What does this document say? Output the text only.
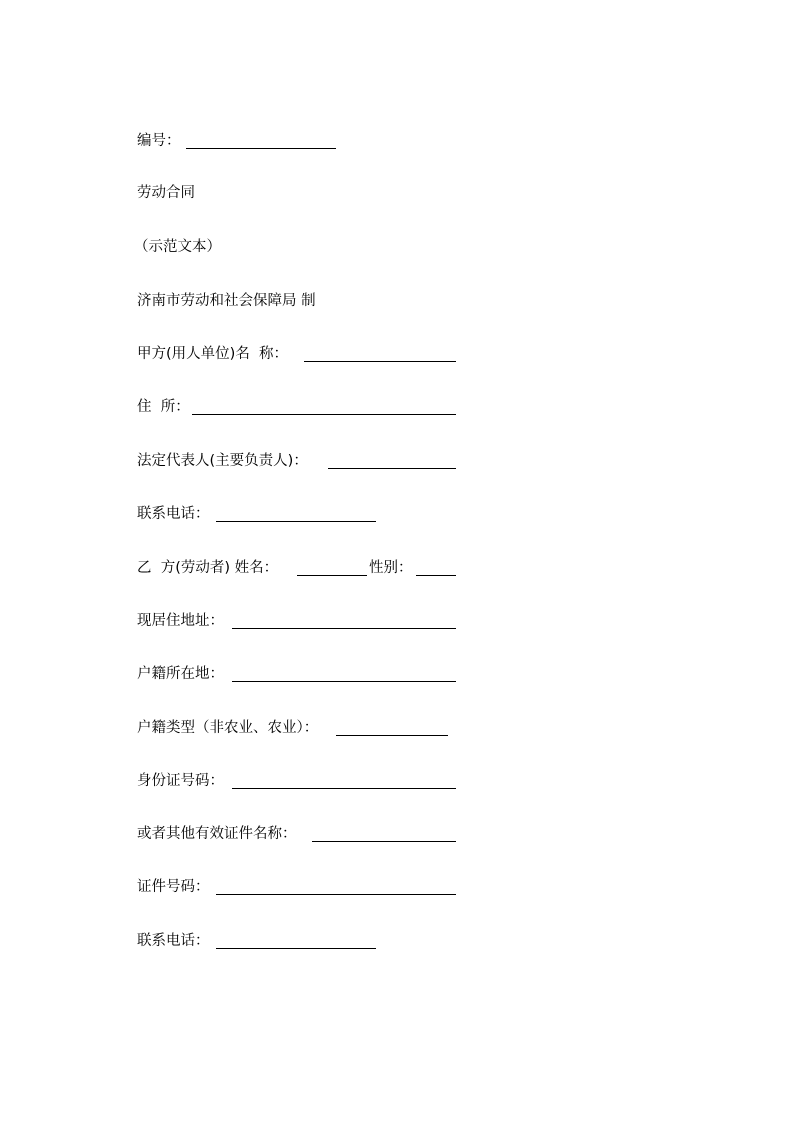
编号：
劳动合同
（示范文本）
济南市劳动和社会保障局 制
甲方(用人单位)名  称：
住  所：
法定代表人(主要负责人)：
联系电话：
乙  方(劳动者) 姓名：	性别：
现居住地址：
户籍所在地：
户籍类型（非农业、农业）：
身份证号码：
或者其他有效证件名称：
证件号码：
联系电话：
